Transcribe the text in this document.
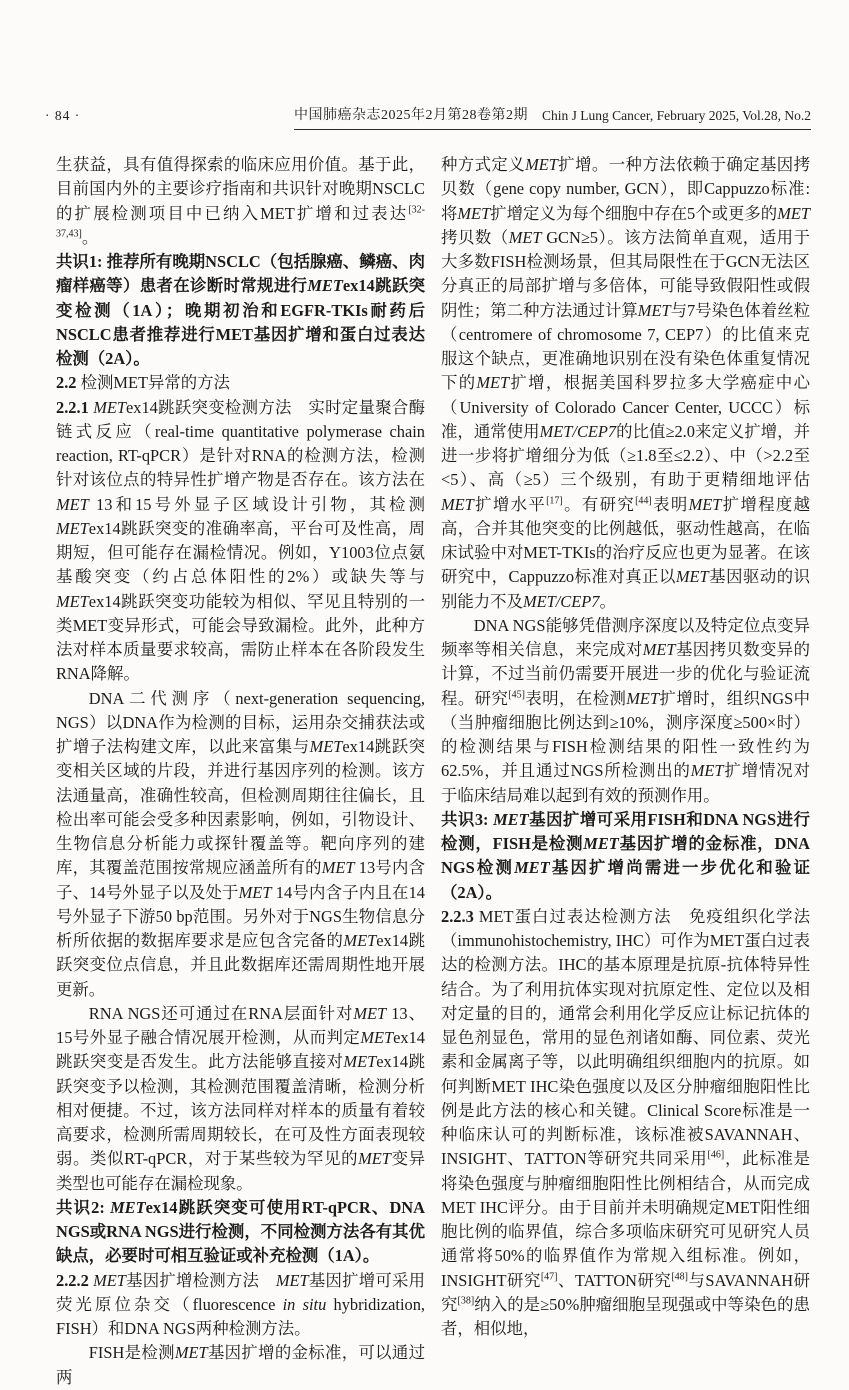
· 84 ·	中国肺癌杂志2025年2月第28卷第2期 Chin J Lung Cancer, February 2025, Vol.28, No.2

生获益，具有值得探索的临床应用价值。基于此，目前国内外的主要诊疗指南和共识针对晚期NSCLC的扩展检测项目中已纳入MET扩增和过表达[32-37,43]。

共识1: 推荐所有晚期NSCLC（包括腺癌、鳞癌、肉瘤样癌等）患者在诊断时常规进行METex14跳跃突变检测（1A）；晚期初治和EGFR-TKIs耐药后NSCLC患者推荐进行MET基因扩增和蛋白过表达检测（2A）。

2.2 检测MET异常的方法

2.2.1 METex14跳跃突变检测方法　实时定量聚合酶链式反应（real-time quantitative polymerase chain reaction, RT-qPCR）是针对RNA的检测方法，检测针对该位点的特异性扩增产物是否存在。该方法在MET 13和15号外显子区域设计引物，其检测METex14跳跃突变的准确率高，平台可及性高，周期短，但可能存在漏检情况。例如，Y1003位点氨基酸突变（约占总体阳性的2%）或缺失等与METex14跳跃突变功能较为相似、罕见且特别的一类MET变异形式，可能会导致漏检。此外，此种方法对样本质量要求较高，需防止样本在各阶段发生RNA降解。

DNA二代测序（next-generation sequencing, NGS）以DNA作为检测的目标，运用杂交捕获法或扩增子法构建文库，以此来富集与METex14跳跃突变相关区域的片段，并进行基因序列的检测。该方法通量高，准确性较高，但检测周期往往偏长，且检出率可能会受多种因素影响，例如，引物设计、生物信息分析能力或探针覆盖等。靶向序列的建库，其覆盖范围按常规应涵盖所有的MET 13号内含子、14号外显子以及处于MET 14号内含子内且在14号外显子下游50 bp范围。另外对于NGS生物信息分析所依据的数据库要求是应包含完备的METex14跳跃突变位点信息，并且此数据库还需周期性地开展更新。

RNA NGS还可通过在RNA层面针对MET 13、15号外显子融合情况展开检测，从而判定METex14跳跃突变是否发生。此方法能够直接对METex14跳跃突变予以检测，其检测范围覆盖清晰，检测分析相对便捷。不过，该方法同样对样本的质量有着较高要求，检测所需周期较长，在可及性方面表现较弱。类似RT-qPCR，对于某些较为罕见的MET变异类型也可能存在漏检现象。

共识2: METex14跳跃突变可使用RT-qPCR、DNA NGS或RNA NGS进行检测，不同检测方法各有其优缺点，必要时可相互验证或补充检测（1A）。

2.2.2 MET基因扩增检测方法　MET基因扩增可采用荧光原位杂交（fluorescence in situ hybridization, FISH）和DNA NGS两种检测方法。

FISH是检测MET基因扩增的金标准，可以通过两

种方式定义MET扩增。一种方法依赖于确定基因拷贝数（gene copy number, GCN），即Cappuzzo标准: 将MET扩增定义为每个细胞中存在5个或更多的MET拷贝数（MET GCN≥5）。该方法简单直观，适用于大多数FISH检测场景，但其局限性在于GCN无法区分真正的局部扩增与多倍体，可能导致假阳性或假阴性；第二种方法通过计算MET与7号染色体着丝粒（centromere of chromosome 7, CEP7）的比值来克服这个缺点，更准确地识别在没有染色体重复情况下的MET扩增，根据美国科罗拉多大学癌症中心（University of Colorado Cancer Center, UCCC）标准，通常使用MET/CEP7的比值≥2.0来定义扩增，并进一步将扩增细分为低（≥1.8至≤2.2）、中（>2.2至<5）、高（≥5）三个级别，有助于更精细地评估MET扩增水平[17]。有研究[44]表明MET扩增程度越高，合并其他突变的比例越低，驱动性越高，在临床试验中对MET-TKIs的治疗反应也更为显著。在该研究中，Cappuzzo标准对真正以MET基因驱动的识别能力不及MET/CEP7。

DNA NGS能够凭借测序深度以及特定位点变异频率等相关信息，来完成对MET基因拷贝数变异的计算，不过当前仍需要开展进一步的优化与验证流程。研究[45]表明，在检测MET扩增时，组织NGS中（当肿瘤细胞比例达到≥10%，测序深度≥500×时）的检测结果与FISH检测结果的阳性一致性约为62.5%，并且通过NGS所检测出的MET扩增情况对于临床结局难以起到有效的预测作用。

共识3: MET基因扩增可采用FISH和DNA NGS进行检测，FISH是检测MET基因扩增的金标准，DNA NGS检测MET基因扩增尚需进一步优化和验证（2A）。

2.2.3 MET蛋白过表达检测方法　免疫组织化学法（immunohistochemistry, IHC）可作为MET蛋白过表达的检测方法。IHC的基本原理是抗原-抗体特异性结合。为了利用抗体实现对抗原定性、定位以及相对定量的目的，通常会利用化学反应让标记抗体的显色剂显色，常用的显色剂诸如酶、同位素、荧光素和金属离子等，以此明确组织细胞内的抗原。如何判断MET IHC染色强度以及区分肿瘤细胞阳性比例是此方法的核心和关键。Clinical Score标准是一种临床认可的判断标准，该标准被SAVANNAH、INSIGHT、TATTON等研究共同采用[46]，此标准是将染色强度与肿瘤细胞阳性比例相结合，从而完成MET IHC评分。由于目前并未明确规定MET阳性细胞比例的临界值，综合多项临床研究可见研究人员通常将50%的临界值作为常规入组标准。例如，INSIGHT研究[47]、TATTON研究[48]与SAVANNAH研究[38]纳入的是≥50%肿瘤细胞呈现强或中等染色的患者，相似地，
